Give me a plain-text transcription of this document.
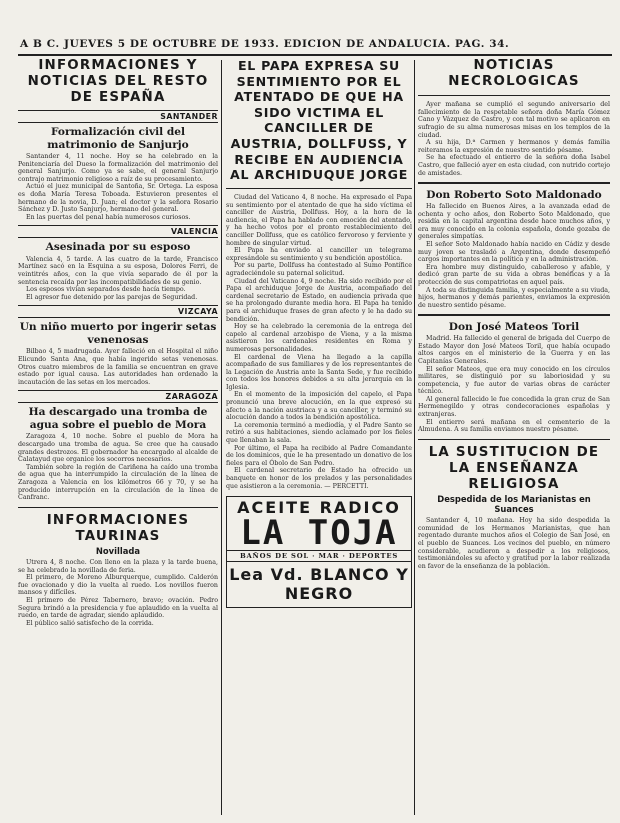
A B C. JUEVES 5 DE OCTUBRE DE 1933. EDICION DE ANDALUCIA. PAG. 34.
INFORMACIONES Y NOTICIAS DEL RESTO DE ESPAÑA
SANTANDER
Formalización civil del matrimonio de Sanjurjo

Santander 4, 11 noche. Hoy se ha celebrado en la Penitenciaría del Dueso la formalización del matrimonio del general Sanjurjo. Como ya se sabe, el general Sanjurjo contrajo matrimonio religioso a raíz de su procesamiento.

Actuó el juez municipal de Santoña, Sr. Ortega. La esposa es doña María Teresa Toboada. Estuvieron presentes el hermano de la novia, D. Juan; el doctor y la señora Rosario Sánchez y D. Justo Sanjurjo, hermano del general.

En las puertas del penal había numerosos curiosos.

VALENCIA
Asesinada por su esposo

Valencia 4, 5 tarde. A las cuatro de la tarde, Francisco Martínez sacó en la Esquina a su esposa, Dolores Ferri, de veintitrés años, con la que vivía separado de él por la sentencia recaída por las incompatibilidades de su genio.

Los esposos vivían separados desde hacía tiempo.

El agresor fue detenido por las parejas de Seguridad.

VIZCAYA
Un niño muerto por ingerir setas venenosas

Bilbao 4, 5 madrugada. Ayer falleció en el Hospital el niño Elicundo Santa Ana, que había ingerido setas venenosas. Otros cuatro miembros de la familia se encuentran en grave estado por igual causa. Las autoridades han ordenado la incautación de las setas en los mercados.

ZARAGOZA
Ha descargado una tromba de agua sobre el pueblo de Mora

Zaragoza 4, 10 noche. Sobre el pueblo de Mora ha descargado una tromba de agua. Se cree que ha causado grandes destrozos. El gobernador ha encargado al alcalde de Calatayud que organice los socorros necesarios.

También sobre la región de Cariñena ha caído una tromba de agua que ha interrumpido la circulación de la línea de Zaragoza a Valencia en los kilómetros 66 y 70, y se ha producido interrupción en la circulación de la línea de Canfranc.

INFORMACIONES TAURINAS
Novillada

Utrera 4, 8 noche. Con lleno en la plaza y la tarde buena, se ha celebrado la novillada de feria.

El primero, de Moreno Alburquerque, cumplido. Calderón fue ovacionado y dio la vuelta al ruedo. Los novillos fueron mansos y difíciles.

El primero de Pérez Tabernero, bravo; ovación. Pedro Segura brindó a la presidencia y fue aplaudido en la vuelta al ruedo, en tarde de agradar, siendo aplaudido.

El público salió satisfecho de la corrida.

EL PAPA EXPRESA SU SENTIMIENTO POR EL ATENTADO DE QUE HA SIDO VICTIMA EL CANCILLER DE AUSTRIA, DOLLFUSS, Y RECIBE EN AUDIENCIA AL ARCHIDUQUE JORGE

Ciudad del Vaticano 4, 8 noche. Ha expresado el Papa su sentimiento por el atentado de que ha sido víctima el canciller de Austria, Dollfuss. Hoy, a la hora de la audiencia, el Papa ha hablado con emoción del atentado, y ha hecho votos por el pronto restablecimiento del canciller Dollfuss, que es católico fervoroso y ferviente y hombre de singular virtud.

El Papa ha enviado al canciller un telegrama expresándole su sentimiento y su bendición apostólica.

Por su parte, Dollfuss ha contestado al Sumo Pontífice agradeciéndole su paternal solicitud.

Ciudad del Vaticano 4, 9 noche. Ha sido recibido por el Papa el archiduque Jorge de Austria, acompañado del cardenal secretario de Estado, en audiencia privada que se ha prolongado durante media hora. El Papa ha tenido para el archiduque frases de gran afecto y le ha dado su bendición.

Hoy se ha celebrado la ceremonia de la entrega del capelo al cardenal arzobispo de Viena, y a la misma asistieron los cardenales residentes en Roma y numerosas personalidades.

El cardenal de Viena ha llegado a la capilla acompañado de sus familiares y de los representantes de la Legación de Austria ante la Santa Sede, y fue recibido con todos los honores debidos a su alta jerarquía en la Iglesia.

En el momento de la imposición del capelo, el Papa pronunció una breve alocución, en la que expresó su afecto a la nación austriaca y a su canciller, y terminó su alocución dando a todos la bendición apostólica.

La ceremonia terminó a mediodía, y el Padre Santo se retiró a sus habitaciones, siendo aclamado por los fieles que llenaban la sala.

Por último, el Papa ha recibido al Padre Comandante de los dominicos, que le ha presentado un donativo de los fieles para el Óbolo de San Pedro.

El cardenal secretario de Estado ha ofrecido un banquete en honor de los prelados y las personalidades que asistieron a la ceremonia. — PERCETTI.

ACEITE RADICO
LA TOJA
BAÑOS DE SOL · MAR · DEPORTES
Lea Vd. BLANCO Y NEGRO
NOTICIAS NECROLOGICAS

Ayer mañana se cumplió el segundo aniversario del fallecimiento de la respetable señora doña María Gómez Cano y Vázquez de Castro, y con tal motivo se aplicaron en sufragio de su alma numerosas misas en los templos de la ciudad.

A su hija, D.ª Carmen y hermanos y demás familia reiteramos la expresión de nuestro sentido pésame.

Se ha efectuado el entierro de la señora doña Isabel Castro, que falleció ayer en esta ciudad, con nutrido cortejo de amistades.

Don Roberto Soto Maldonado

Ha fallecido en Buenos Aires, a la avanzada edad de ochenta y ocho años, don Roberto Soto Maldonado, que residía en la capital argentina desde hace muchos años, y era muy conocido en la colonia española, donde gozaba de generales simpatías.

El señor Soto Maldonado había nacido en Cádiz y desde muy joven se trasladó a Argentina, donde desempeñó cargos importantes en la política y en la administración.

Era hombre muy distinguido, caballeroso y afable, y dedicó gran parte de su vida a obras benéficas y a la protección de sus compatriotas en aquel país.

A toda su distinguida familia, y especialmente a su viuda, hijos, hermanos y demás parientes, enviamos la expresión de nuestro sentido pésame.

Don José Mateos Toril

Madrid. Ha fallecido el general de brigada del Cuerpo de Estado Mayor don José Mateos Toril, que había ocupado altos cargos en el ministerio de la Guerra y en las Capitanías Generales.

El señor Mateos, que era muy conocido en los círculos militares, se distinguió por su laboriosidad y su competencia, y fue autor de varias obras de carácter técnico.

Al general fallecido le fue concedida la gran cruz de San Hermenegildo y otras condecoraciones españolas y extranjeras.

El entierro será mañana en el cementerio de la Almudena. A su familia enviamos nuestro pésame.

LA SUSTITUCION DE LA ENSEÑANZA RELIGIOSA
Despedida de los Marianistas en Suances

Santander 4, 10 mañana. Hoy ha sido despedida la comunidad de los Hermanos Marianistas, que han regentado durante muchos años el Colegio de San José, en el pueblo de Suances. Los vecinos del pueblo, en número considerable, acudieron a despedir a los religiosos, testimoniándoles su afecto y gratitud por la labor realizada en favor de la enseñanza de la población.
